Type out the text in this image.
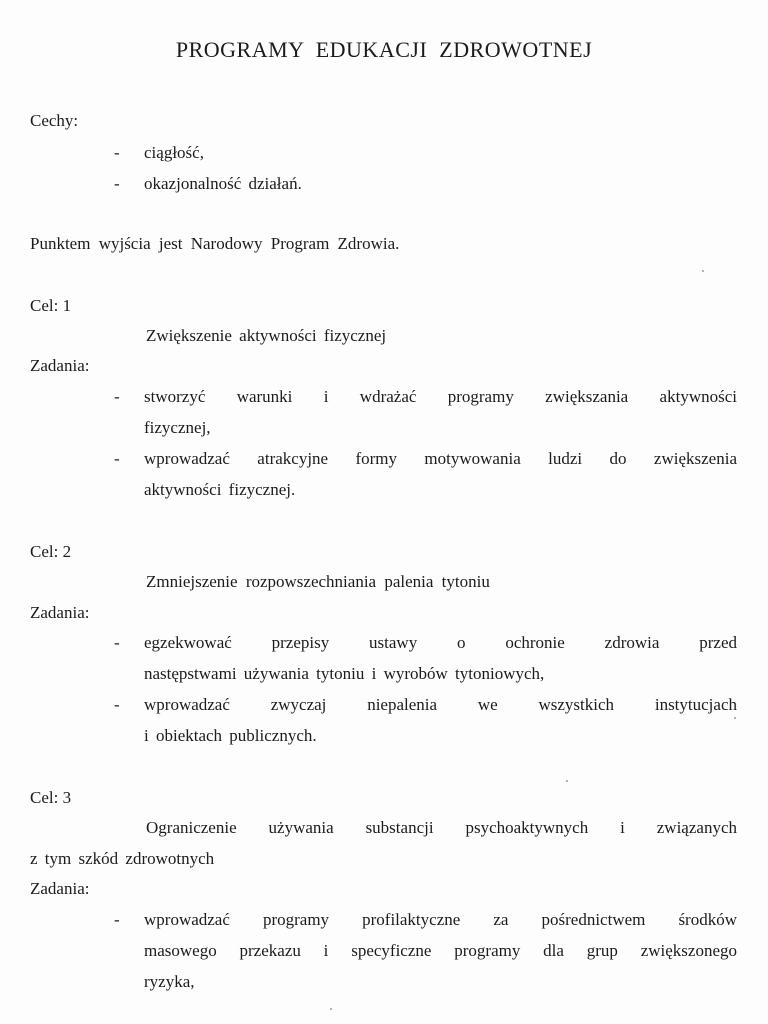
PROGRAMY EDUKACJI ZDROWOTNEJ
Cechy:
- ciągłość,
- okazjonalność działań.
Punktem wyjścia jest Narodowy Program Zdrowia.
Cel: 1
Zwiększenie aktywności fizycznej
Zadania:
- stworzyć warunki i wdrażać programy zwiększania aktywności
fizycznej,
- wprowadzać atrakcyjne formy motywowania ludzi do zwiększenia
aktywności fizycznej.
Cel: 2
Zmniejszenie rozpowszechniania palenia tytoniu
Zadania:
- egzekwować przepisy ustawy o ochronie zdrowia przed
następstwami używania tytoniu i wyrobów tytoniowych,
- wprowadzać zwyczaj niepalenia we wszystkich instytucjach
i obiektach publicznych.
Cel: 3
Ograniczenie używania substancji psychoaktywnych i związanych
z tym szkód zdrowotnych
Zadania:
- wprowadzać programy profilaktyczne za pośrednictwem środków
masowego przekazu i specyficzne programy dla grup zwiększonego
ryzyka,
